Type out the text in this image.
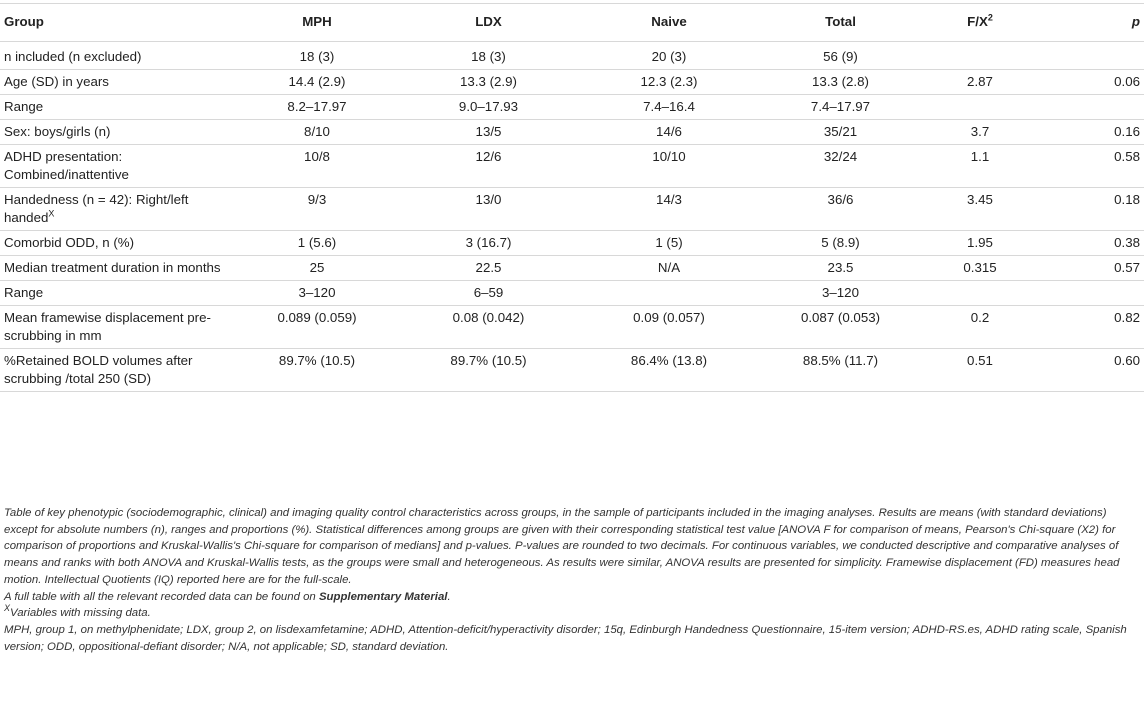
Group	MPH	LDX	Naive	Total	$F/X^2$	p
n included (n excluded)	18 (3)	18 (3)	20 (3)	56 (9)		
Age (SD) in years	14.4 (2.9)	13.3 (2.9)	12.3 (2.3)	13.3 (2.8)	2.87	0.06
Range	8.2–17.97	9.0–17.93	7.4–16.4	7.4–17.97		
Sex: boys/girls (n)	8/10	13/5	14/6	35/21	3.7	0.16
ADHD presentation: Combined/inattentive	10/8	12/6	10/10	32/24	1.1	0.58
Handedness (n = 42): Right/left handed$^X$	9/3	13/0	14/3	36/6	3.45	0.18
Comorbid ODD, n (%)	1 (5.6)	3 (16.7)	1 (5)	5 (8.9)	1.95	0.38
Median treatment duration in months	25	22.5	N/A	23.5	0.315	0.57
Range	3–120	6–59		3–120		
Mean framewise displacement pre-scrubbing in mm	0.089 (0.059)	0.08 (0.042)	0.09 (0.057)	0.087 (0.053)	0.2	0.82
%Retained BOLD volumes after scrubbing /total 250 (SD)	89.7% (10.5)	89.7% (10.5)	86.4% (13.8)	88.5% (11.7)	0.51	0.60

Table of key phenotypic (sociodemographic, clinical) and imaging quality control characteristics across groups, in the sample of participants included in the imaging analyses. Results are means (with standard deviations) except for absolute numbers (n), ranges and proportions (%). Statistical differences among groups are given with their corresponding statistical test value [ANOVA F for comparison of means, Pearson's Chi-square (X2) for comparison of proportions and Kruskal-Wallis's Chi-square for comparison of medians] and p-values. P-values are rounded to two decimals. For continuous variables, we conducted descriptive and comparative analyses of means and ranks with both ANOVA and Kruskal-Wallis tests, as the groups were small and heterogeneous. As results were similar, ANOVA results are presented for simplicity. Framewise displacement (FD) measures head motion. Intellectual Quotients (IQ) reported here are for the full-scale.

A full table with all the relevant recorded data can be found on Supplementary Material.

$^X$Variables with missing data.

MPH, group 1, on methylphenidate; LDX, group 2, on lisdexamfetamine; ADHD, Attention-deficit/hyperactivity disorder; 15q, Edinburgh Handedness Questionnaire, 15-item version; ADHD-RS.es, ADHD rating scale, Spanish version; ODD, oppositional-defiant disorder; N/A, not applicable; SD, standard deviation.
